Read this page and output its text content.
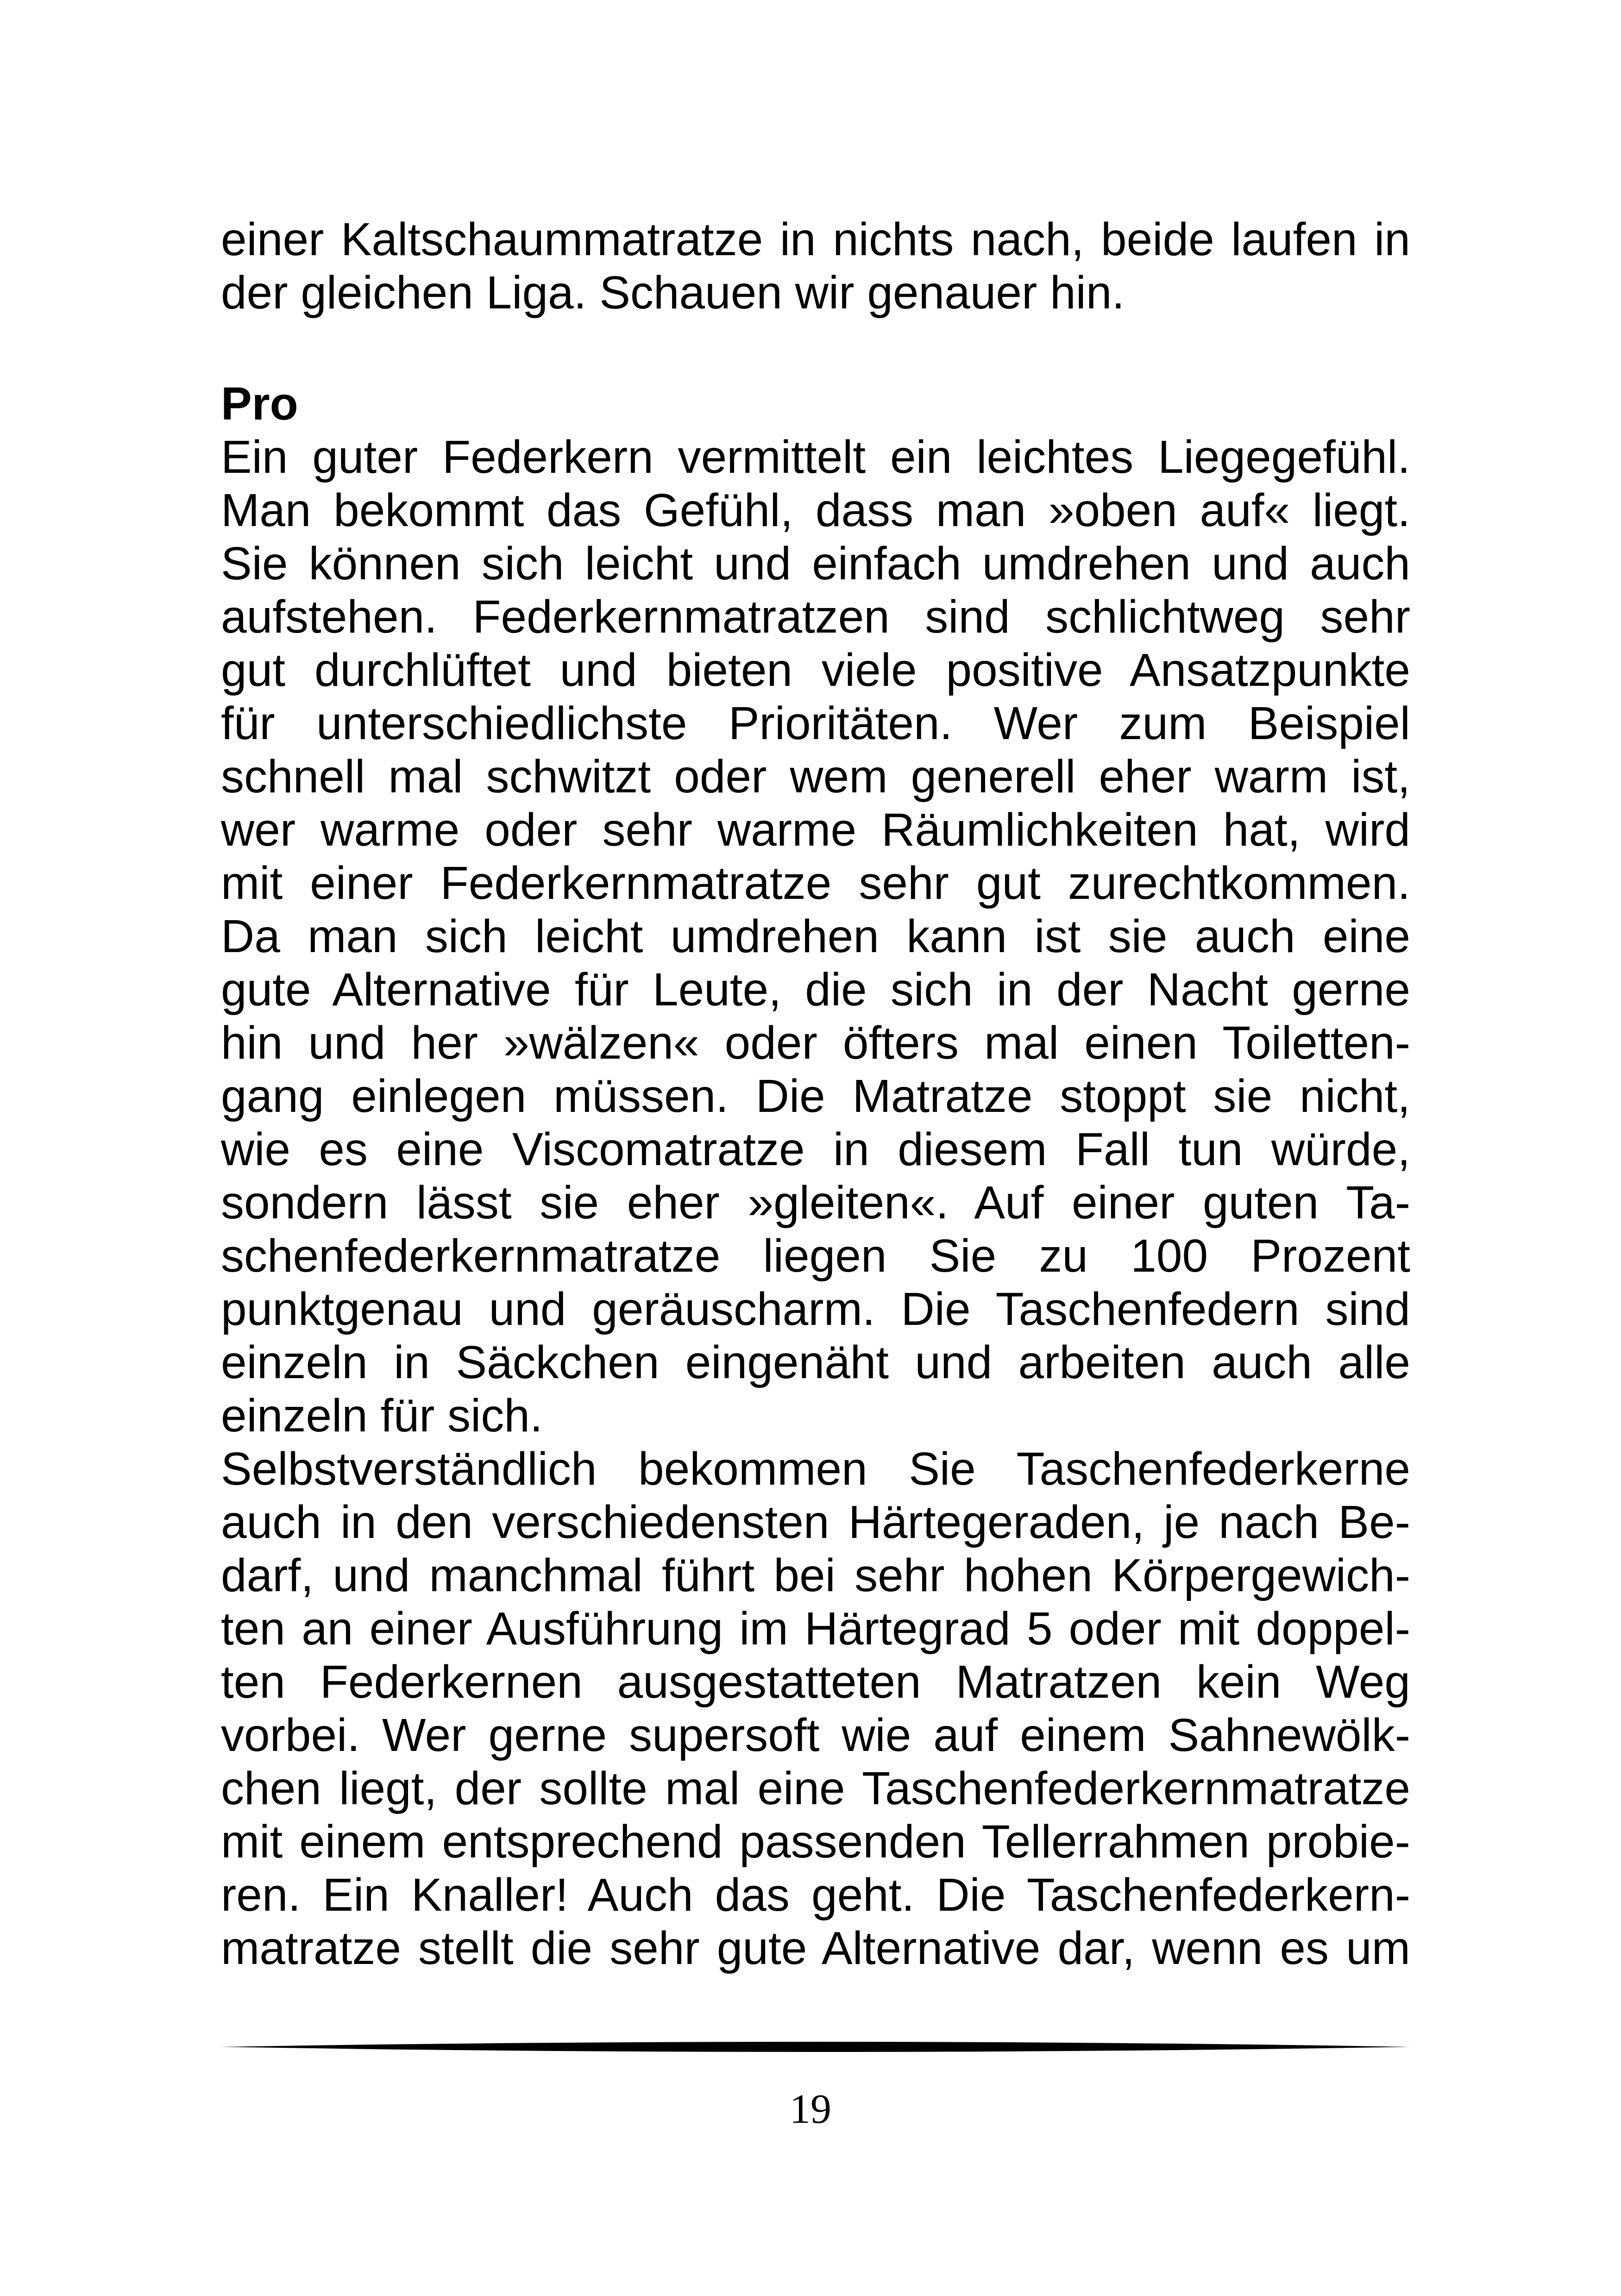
einer Kaltschaummatratze in nichts nach, beide laufen in
der gleichen Liga. Schauen wir genauer hin.
Pro
Ein guter Federkern vermittelt ein leichtes Liegegefühl.
Man bekommt das Gefühl, dass man »oben auf« liegt.
Sie können sich leicht und einfach umdrehen und auch
aufstehen. Federkernmatratzen sind schlichtweg sehr
gut durchlüftet und bieten viele positive Ansatzpunkte
für unterschiedlichste Prioritäten. Wer zum Beispiel
schnell mal schwitzt oder wem generell eher warm ist,
wer warme oder sehr warme Räumlichkeiten hat, wird
mit einer Federkernmatratze sehr gut zurechtkommen.
Da man sich leicht umdrehen kann ist sie auch eine
gute Alternative für Leute, die sich in der Nacht gerne
hin und her »wälzen« oder öfters mal einen Toiletten-
gang einlegen müssen. Die Matratze stoppt sie nicht,
wie es eine Viscomatratze in diesem Fall tun würde,
sondern lässt sie eher »gleiten«. Auf einer guten Ta-
schenfederkernmatratze liegen Sie zu 100 Prozent
punktgenau und geräuscharm. Die Taschenfedern sind
einzeln in Säckchen eingenäht und arbeiten auch alle
einzeln für sich.
Selbstverständlich bekommen Sie Taschenfederkerne
auch in den verschiedensten Härtegeraden, je nach Be-
darf, und manchmal führt bei sehr hohen Körpergewich-
ten an einer Ausführung im Härtegrad 5 oder mit doppel-
ten Federkernen ausgestatteten Matratzen kein Weg
vorbei. Wer gerne supersoft wie auf einem Sahnewölk-
chen liegt, der sollte mal eine Taschenfederkernmatratze
mit einem entsprechend passenden Tellerrahmen probie-
ren. Ein Knaller! Auch das geht. Die Taschenfederkern-
matratze stellt die sehr gute Alternative dar, wenn es um
19
